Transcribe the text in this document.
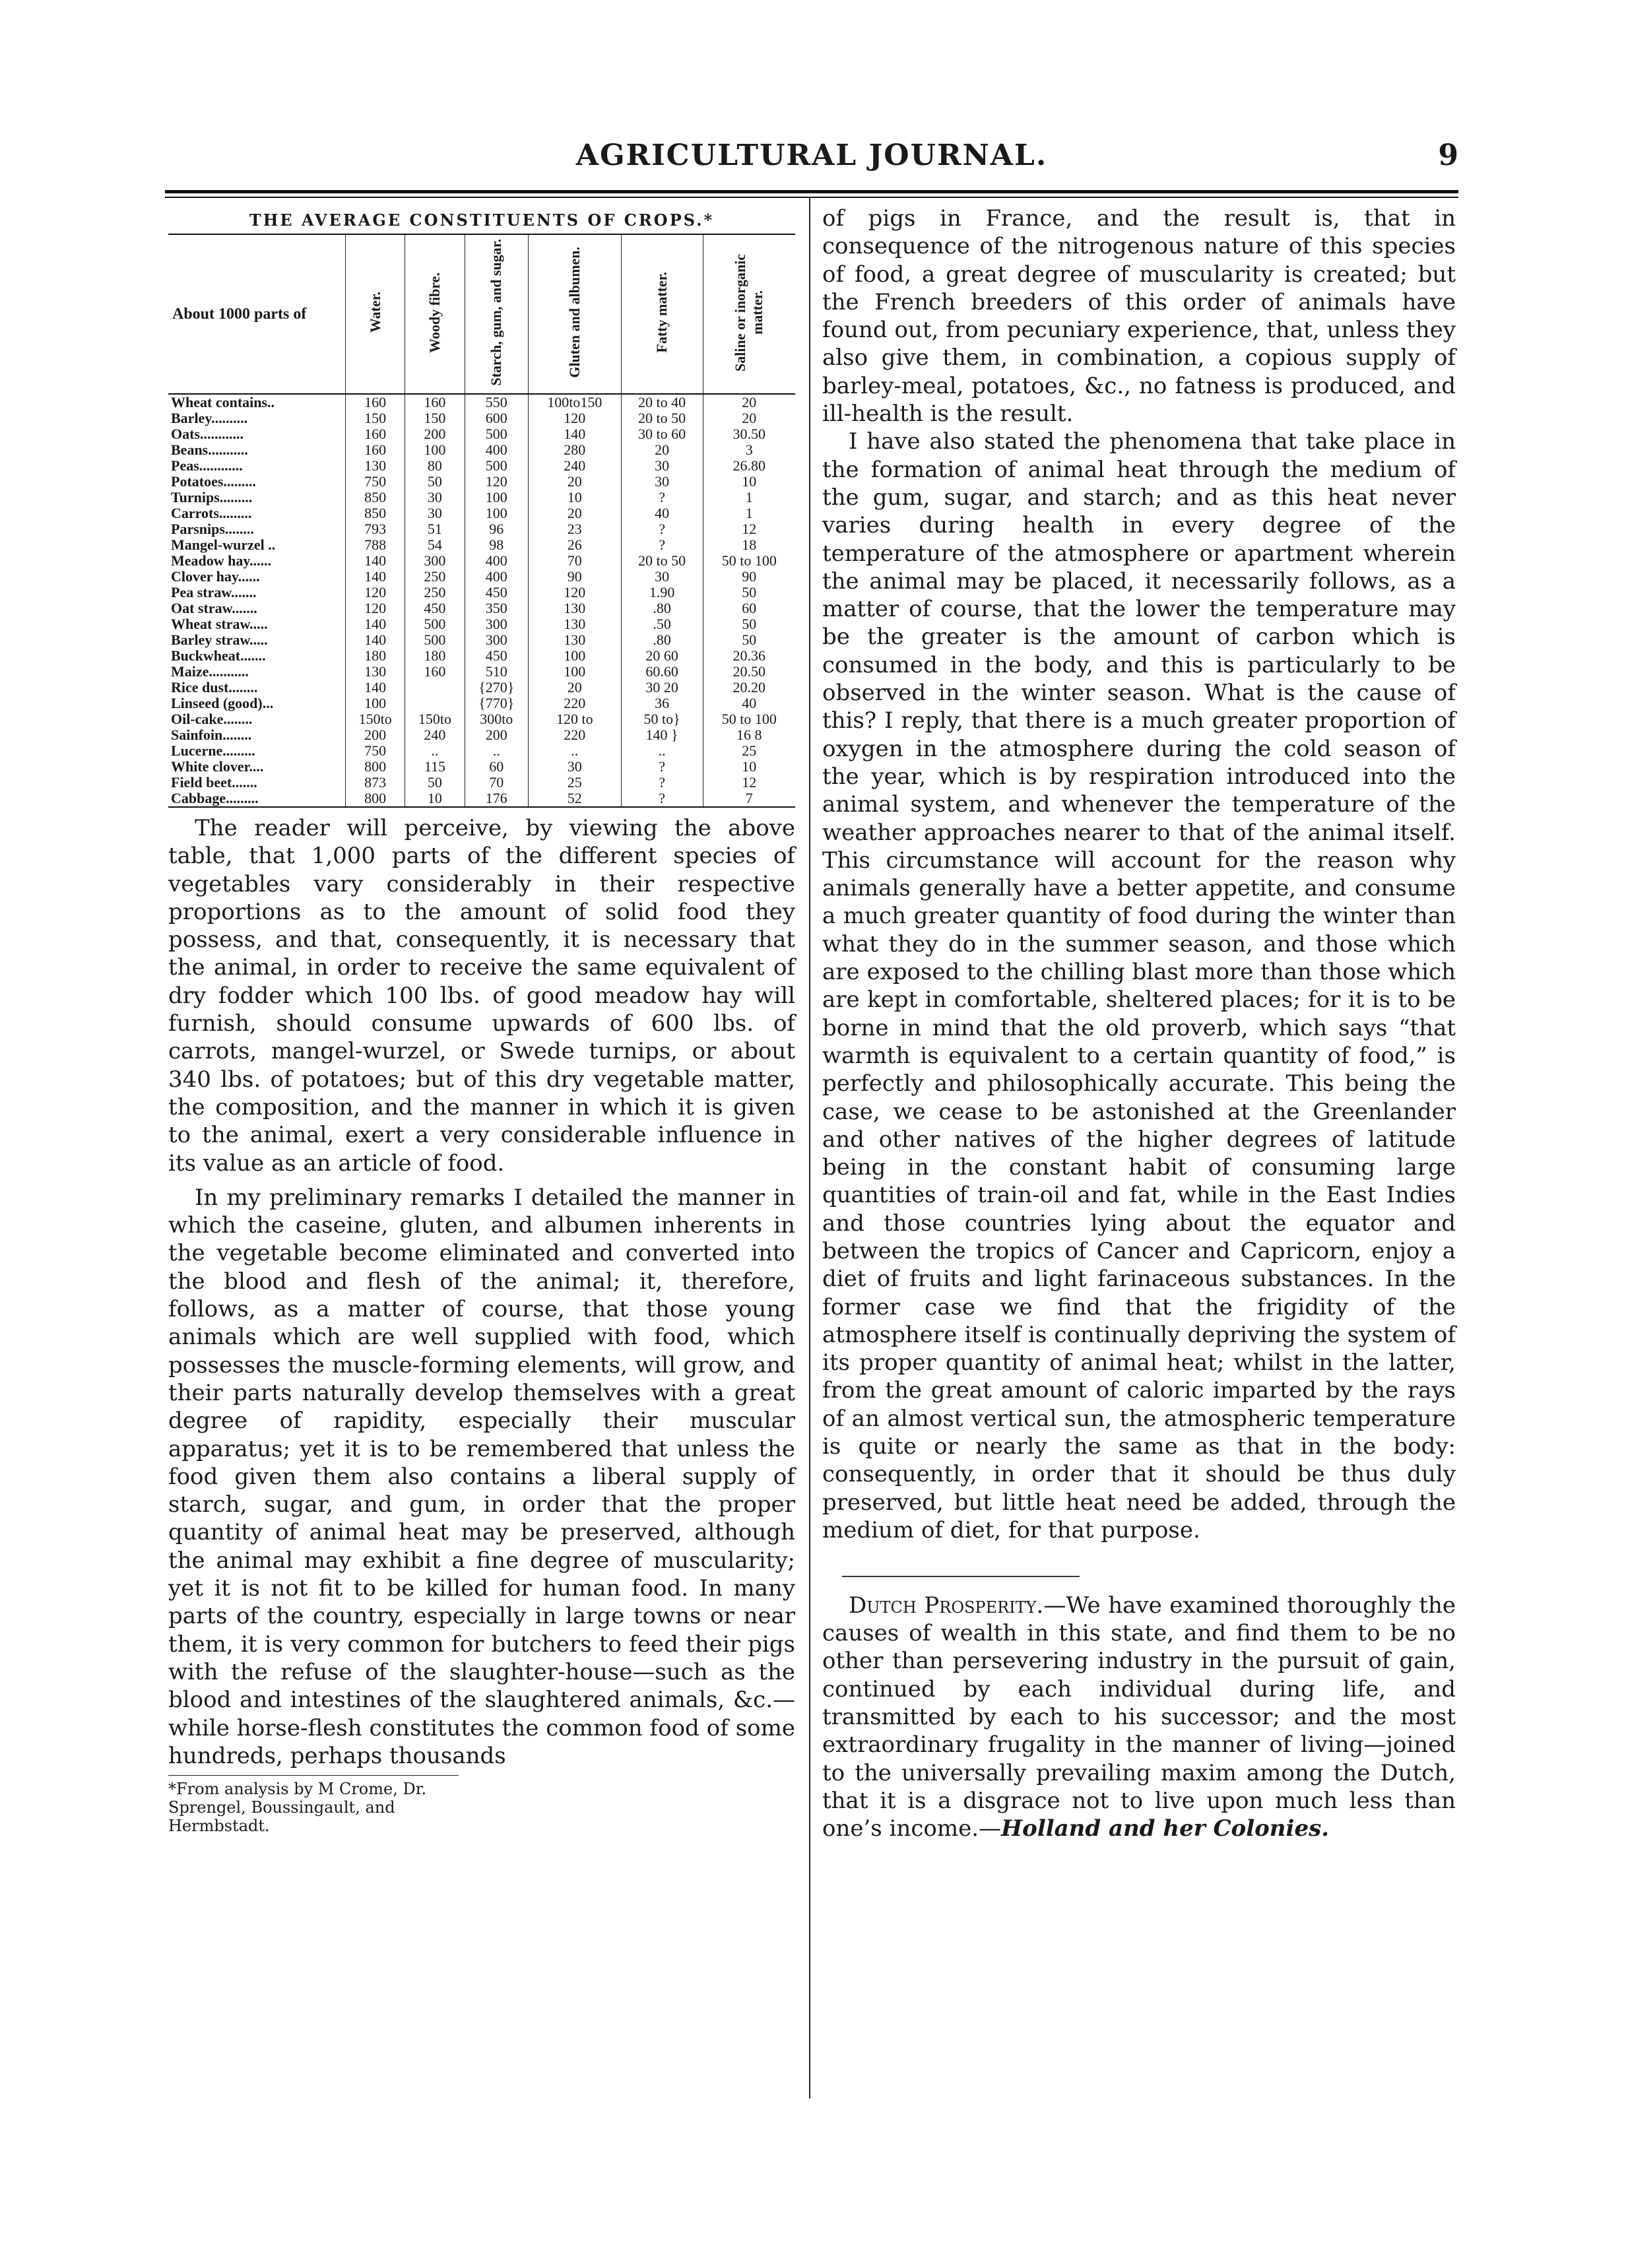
AGRICULTURAL JOURNAL.	9
THE AVERAGE CONSTITUENTS OF CROPS.*
About 1000 parts of	Water.	Woody fibre.	Starch, gum, and sugar.	Gluten and albumen.	Fatty matter.	Saline or inorganic matter.
Wheat contains..	160	160	550	100to150	20 to 40	20
Barley..........	150	150	600	120	20 to 50	20
Oats............	160	200	500	140	30 to 60	30.50
Beans...........	160	100	400	280	20	3
Peas............	130	80	500	240	30	26.80
Potatoes.........	750	50	120	20	30	10
Turnips.........	850	30	100	10	?	1
Carrots.........	850	30	100	20	40	1
Parsnips........	793	51	96	23	?	12
Mangel-wurzel ..	788	54	98	26	?	18
Meadow hay......	140	300	400	70	20 to 50	50 to 100
Clover hay......	140	250	400	90	30	90
Pea straw.......	120	250	450	120	1.90	50
Oat straw.......	120	450	350	130	.80	60
Wheat straw.....	140	500	300	130	.50	50
Barley straw.....	140	500	300	130	.80	50
Buckwheat.......	180	180	450	100	20 60	20.36
Maize...........	130	160	510	100	60.60	20.50
Rice dust........	140		{270}	20	30 20	20.20
Linseed (good)...	100		{770}	220	36	40
Oil-cake........	150to	150to	300to	120 to	50 to}	50 to 100
Sainfoin........	200	240	200	220	140 }	16 8
Lucerne.........	750	..	..	..	..	25
White clover....	800	115	60	30	?	10
Field beet.......	873	50	70	25	?	12
Cabbage.........	800	10	176	52	?	7

The reader will perceive, by viewing the above table, that 1,000 parts of the different species of vegetables vary considerably in their respective proportions as to the amount of solid food they possess, and that, consequently, it is necessary that the animal, in order to receive the same equivalent of dry fodder which 100 lbs. of good meadow hay will furnish, should consume upwards of 600 lbs. of carrots, mangel-wurzel, or Swede turnips, or about 340 lbs. of potatoes; but of this dry vegetable matter, the composition, and the manner in which it is given to the animal, exert a very considerable influence in its value as an article of food.

In my preliminary remarks I detailed the manner in which the caseine, gluten, and albumen inherents in the vegetable become eliminated and converted into the blood and flesh of the animal; it, therefore, follows, as a matter of course, that those young animals which are well supplied with food, which possesses the muscle-forming elements, will grow, and their parts naturally develop themselves with a great degree of rapidity, especially their muscular apparatus; yet it is to be remembered that unless the food given them also contains a liberal supply of starch, sugar, and gum, in order that the proper quantity of animal heat may be preserved, although the animal may exhibit a fine degree of muscularity; yet it is not fit to be killed for human food. In many parts of the country, especially in large towns or near them, it is very common for butchers to feed their pigs with the refuse of the slaughter-house—such as the blood and intestines of the slaughtered animals, &c.—while horse-flesh constitutes the common food of some hundreds, perhaps thousands

*From analysis by M Crome, Dr. Sprengel, Boussingault, and Hermbstadt.

of pigs in France, and the result is, that in consequence of the nitrogenous nature of this species of food, a great degree of muscularity is created; but the French breeders of this order of animals have found out, from pecuniary experience, that, unless they also give them, in combination, a copious supply of barley-meal, potatoes, &c., no fatness is produced, and ill-health is the result.

I have also stated the phenomena that take place in the formation of animal heat through the medium of the gum, sugar, and starch; and as this heat never varies during health in every degree of the temperature of the atmosphere or apartment wherein the animal may be placed, it necessarily follows, as a matter of course, that the lower the temperature may be the greater is the amount of carbon which is consumed in the body, and this is particularly to be observed in the winter season. What is the cause of this? I reply, that there is a much greater proportion of oxygen in the atmosphere during the cold season of the year, which is by respiration introduced into the animal system, and whenever the temperature of the weather approaches nearer to that of the animal itself. This circumstance will account for the reason why animals generally have a better appetite, and consume a much greater quantity of food during the winter than what they do in the summer season, and those which are exposed to the chilling blast more than those which are kept in comfortable, sheltered places; for it is to be borne in mind that the old proverb, which says “that warmth is equivalent to a certain quantity of food,” is perfectly and philosophically accurate. This being the case, we cease to be astonished at the Greenlander and other natives of the higher degrees of latitude being in the constant habit of consuming large quantities of train-oil and fat, while in the East Indies and those countries lying about the equator and between the tropics of Cancer and Capricorn, enjoy a diet of fruits and light farinaceous substances. In the former case we find that the frigidity of the atmosphere itself is continually depriving the system of its proper quantity of animal heat; whilst in the latter, from the great amount of caloric imparted by the rays of an almost vertical sun, the atmospheric temperature is quite or nearly the same as that in the body: consequently, in order that it should be thus duly preserved, but little heat need be added, through the medium of diet, for that purpose.

Dutch Prosperity.—We have examined thoroughly the causes of wealth in this state, and find them to be no other than persevering industry in the pursuit of gain, continued by each individual during life, and transmitted by each to his successor; and the most extraordinary frugality in the manner of living—joined to the universally prevailing maxim among the Dutch, that it is a disgrace not to live upon much less than one’s income.—Holland and her Colonies.
